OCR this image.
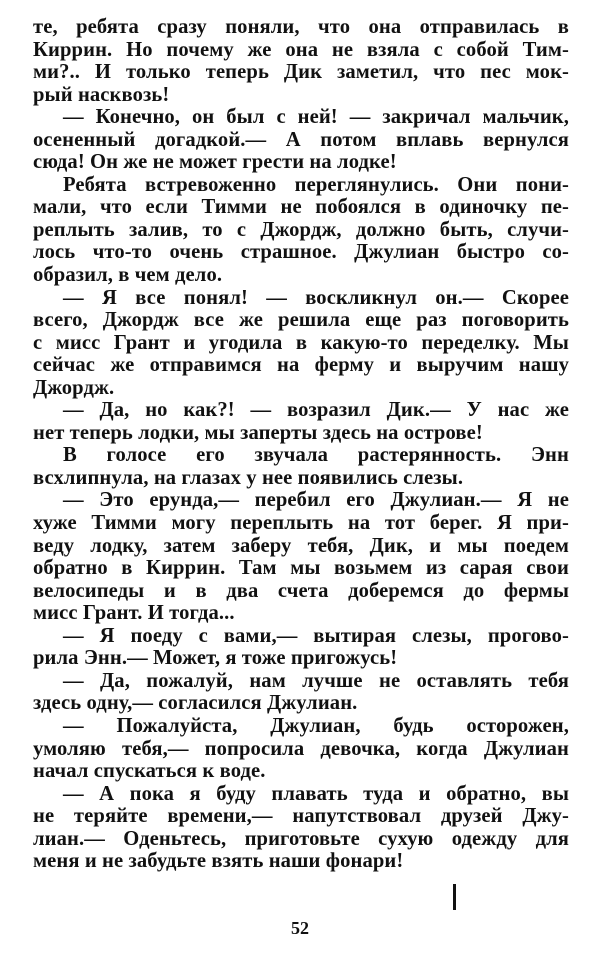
те, ребята сразу поняли, что она отправилась в
Киррин. Но почему же она не взяла с собой Тим-
ми?.. И только теперь Дик заметил, что пес мок-
рый насквозь!
— Конечно, он был с ней! — закричал мальчик,
осененный догадкой.— А потом вплавь вернулся
сюда! Он же не может грести на лодке!
Ребята встревоженно переглянулись. Они пони-
мали, что если Тимми не побоялся в одиночку пе-
реплыть залив, то с Джордж, должно быть, случи-
лось что-то очень страшное. Джулиан быстро со-
образил, в чем дело.
— Я все понял! — воскликнул он.— Скорее
всего, Джордж все же решила еще раз поговорить
с мисс Грант и угодила в какую-то переделку. Мы
сейчас же отправимся на ферму и выручим нашу
Джордж.
— Да, но как?! — возразил Дик.— У нас же
нет теперь лодки, мы заперты здесь на острове!
В голосе его звучала растерянность. Энн
всхлипнула, на глазах у нее появились слезы.
— Это ерунда,— перебил его Джулиан.— Я не
хуже Тимми могу переплыть на тот берег. Я при-
веду лодку, затем заберу тебя, Дик, и мы поедем
обратно в Киррин. Там мы возьмем из сарая свои
велосипеды и в два счета доберемся до фермы
мисс Грант. И тогда...
— Я поеду с вами,— вытирая слезы, прогово-
рила Энн.— Может, я тоже пригожусь!
— Да, пожалуй, нам лучше не оставлять тебя
здесь одну,— согласился Джулиан.
— Пожалуйста, Джулиан, будь осторожен,
умоляю тебя,— попросила девочка, когда Джулиан
начал спускаться к воде.
— А пока я буду плавать туда и обратно, вы
не теряйте времени,— напутствовал друзей Джу-
лиан.— Оденьтесь, приготовьте сухую одежду для
меня и не забудьте взять наши фонари!
52
